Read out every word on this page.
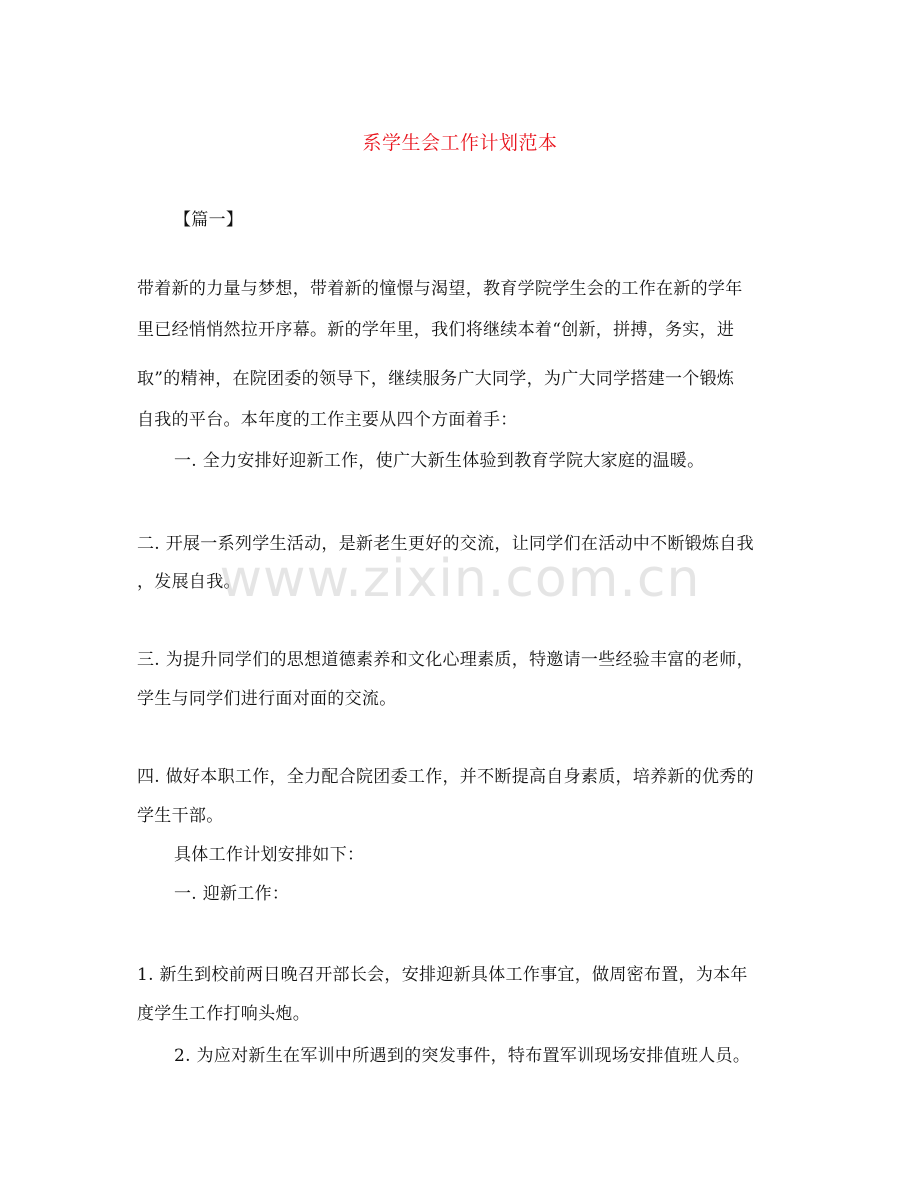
系学生会工作计划范本
【篇一】
带着新的力量与梦想，带着新的憧憬与渴望，教育学院学生会的工作在新的学年
里已经悄悄然拉开序幕。新的学年里，我们将继续本着“创新，拼搏，务实，进
取”的精神，在院团委的领导下，继续服务广大同学，为广大同学搭建一个锻炼
自我的平台。本年度的工作主要从四个方面着手：
一. 全力安排好迎新工作，使广大新生体验到教育学院大家庭的温暖。
二. 开展一系列学生活动，是新老生更好的交流，让同学们在活动中不断锻炼自我
，发展自我。
三. 为提升同学们的思想道德素养和文化心理素质，特邀请一些经验丰富的老师，
学生与同学们进行面对面的交流。
四. 做好本职工作，全力配合院团委工作，并不断提高自身素质，培养新的优秀的
学生干部。
具体工作计划安排如下：
一. 迎新工作：
1. 新生到校前两日晚召开部长会，安排迎新具体工作事宜，做周密布置，为本年
度学生工作打响头炮。
2. 为应对新生在军训中所遇到的突发事件，特布置军训现场安排值班人员。
www.zixin.com.cn
